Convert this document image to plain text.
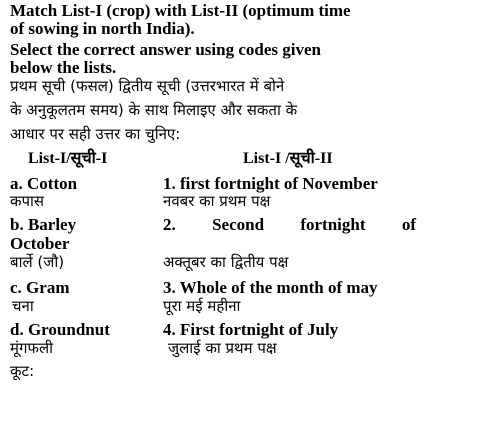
Match List-I (crop) with List-II (optimum time
of sowing in north India).
Select the correct answer using codes given
below the lists.
प्रथम सूची (फसल) द्वितीय सूची (उत्तरभारत में बोने
के अनुकूलतम समय) के साथ मिलाइए और सकता के
आधार पर सही उत्तर का चुनिए:
List-I/सूची-I	List-I /सूची-II
a. Cotton	1. first fortnight of November
कपास	नवबर का प्रथम पक्ष
b. Barley	2. Second fortnight of
October
बार्ले (जौ)	अक्तूबर का द्वितीय पक्ष
c. Gram	3. Whole of the month of may
चना	पूरा मई महीना
d. Groundnut	4. First fortnight of July
मूंगफली	जुलाई का प्रथम पक्ष
कूट:
